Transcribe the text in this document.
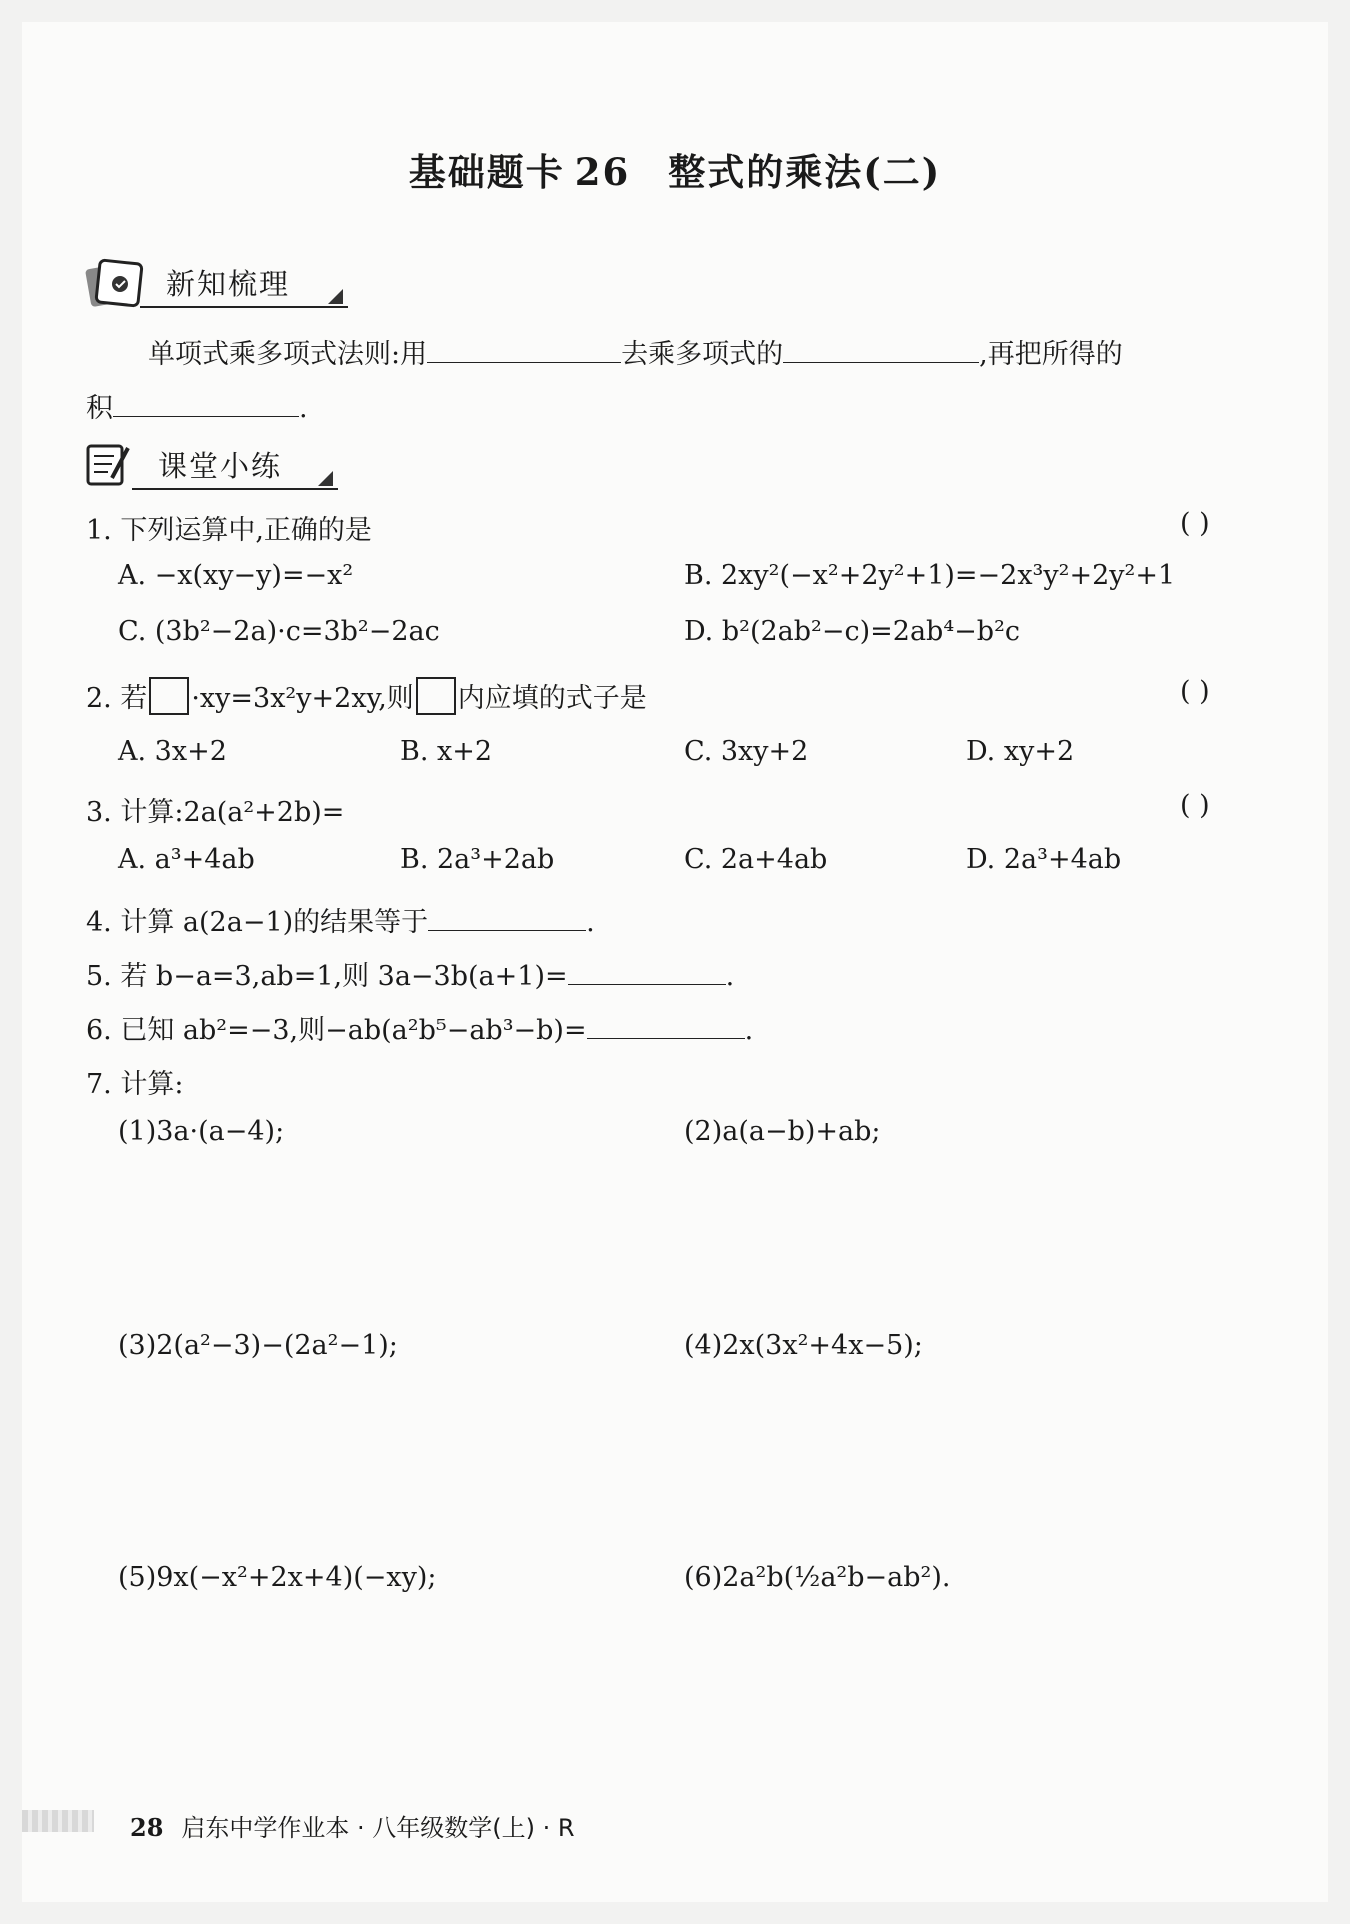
基础题卡 26 整式的乘法(二)
新知梳理
单项式乘多项式法则:用	去乘多项式的	,再把所得的
积	.
课堂小练
1. 下列运算中,正确的是	( )
A. −x(xy−y)=−x²	B. 2xy²(−x²+2y²+1)=−2x³y²+2y²+1
C. (3b²−2a)·c=3b²−2ac	D. b²(2ab²−c)=2ab⁴−b²c
2. 若 ·xy=3x²y+2xy,则 内应填的式子是	( )
A. 3x+2	B. x+2	C. 3xy+2	D. xy+2
3. 计算:2a(a²+2b)=	( )
A. a³+4ab	B. 2a³+2ab	C. 2a+4ab	D. 2a³+4ab
4. 计算 a(2a−1)的结果等于	.
5. 若 b−a=3,ab=1,则 3a−3b(a+1)=	.
6. 已知 ab²=−3,则−ab(a²b⁵−ab³−b)=	.
7. 计算:
(1)3a·(a−4);	(2)a(a−b)+ab;
(3)2(a²−3)−(2a²−1);	(4)2x(3x²+4x−5);
(5)9x(−x²+2x+4)(−xy);	(6)2a²b(½a²b−ab²).
28 启东中学作业本 · 八年级数学(上) · R
